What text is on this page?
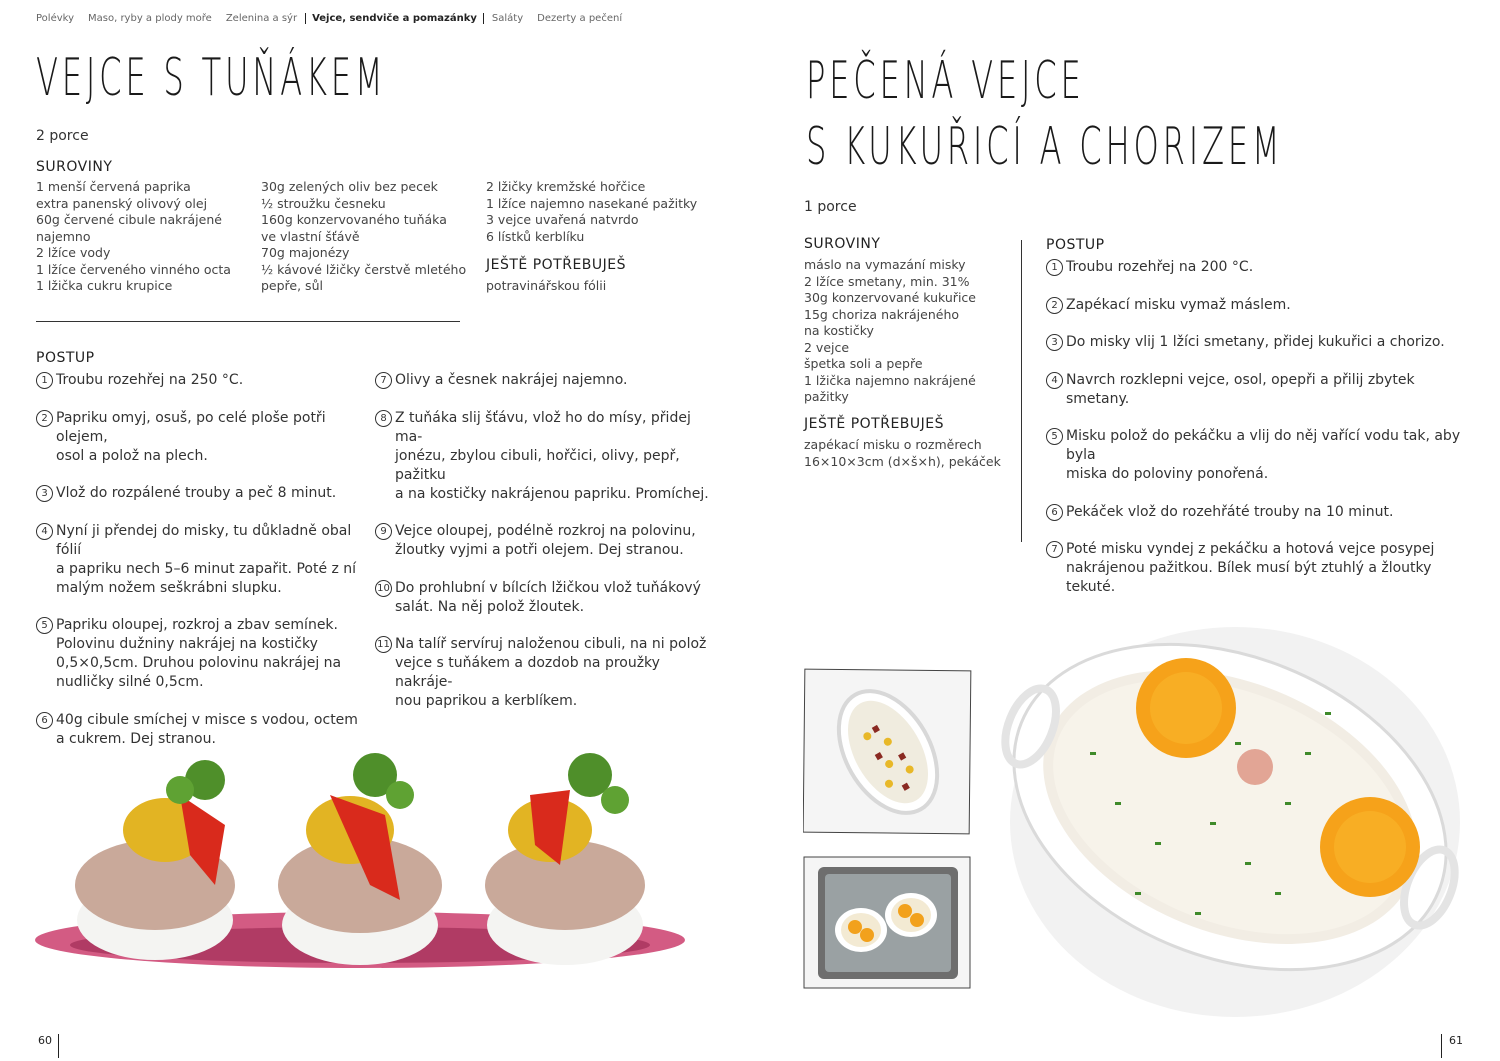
Polévky Maso, ryby a plody moře Zelenina a sýr	Vejce, sendviče a pomazánky	Saláty Dezerty a pečení
VEJCE S TUŇÁKEM
2 porce
SUROVINY
1 menší červená paprika
extra panenský olivový olej
60g červené cibule nakrájené
najemno
2 lžíce vody
1 lžíce červeného vinného octa
1 lžička cukru krupice
30g zelených oliv bez pecek
½ stroužku česneku
160g konzervovaného tuňáka
ve vlastní šťávě
70g majonézy
½ kávové lžičky čerstvě mletého
pepře, sůl
2 lžičky kremžské hořčice
1 lžíce najemno nasekané pažitky
3 vejce uvařená natvrdo
6 lístků kerblíku
JEŠTĚ POTŘEBUJEŠ
potravinářskou fólii
POSTUP
1 Troubu rozehřej na 250 °C.
2 Papriku omyj, osuš, po celé ploše potři olejem,
osol a polož na plech.
3 Vlož do rozpálené trouby a peč 8 minut.
4 Nyní ji přendej do misky, tu důkladně obal fólií
a papriku nech 5–6 minut zapařit. Poté z ní
malým nožem seškrábni slupku.
5 Papriku oloupej, rozkroj a zbav semínek.
Polovinu dužniny nakrájej na kostičky
0,5×0,5cm. Druhou polovinu nakrájej na
nudličky silné 0,5cm.
6 40g cibule smíchej v misce s vodou, octem
a cukrem. Dej stranou.
7 Olivy a česnek nakrájej najemno.
8 Z tuňáka slij šťávu, vlož ho do mísy, přidej ma-
jonézu, zbylou cibuli, hořčici, olivy, pepř, pažitku
a na kostičky nakrájenou papriku. Promíchej.
9 Vejce oloupej, podélně rozkroj na polovinu,
žloutky vyjmi a potři olejem. Dej stranou.
10 Do prohlubní v bílcích lžičkou vlož tuňákový
salát. Na něj polož žloutek.
11 Na talíř servíruj naloženou cibuli, na ni polož
vejce s tuňákem a dozdob na proužky nakráje-
nou paprikou a kerblíkem.
60
PEČENÁ VEJCE
S KUKUŘICÍ A CHORIZEM
1 porce
SUROVINY
máslo na vymazání misky
2 lžíce smetany, min. 31%
30g konzervované kukuřice
15g choriza nakrájeného
na kostičky
2 vejce
špetka soli a pepře
1 lžička najemno nakrájené
pažitky
JEŠTĚ POTŘEBUJEŠ
zapékací misku o rozměrech
16×10×3cm (d×š×h), pekáček
POSTUP
1 Troubu rozehřej na 200 °C.
2 Zapékací misku vymaž máslem.
3 Do misky vlij 1 lžíci smetany, přidej kukuřici a chorizo.
4 Navrch rozklepni vejce, osol, opepři a přilij zbytek smetany.
5 Misku polož do pekáčku a vlij do něj vařící vodu tak, aby byla
miska do poloviny ponořená.
6 Pekáček vlož do rozehřáté trouby na 10 minut.
7 Poté misku vyndej z pekáčku a hotová vejce posypej
nakrájenou pažitkou. Bílek musí být ztuhlý a žloutky tekuté.
61
